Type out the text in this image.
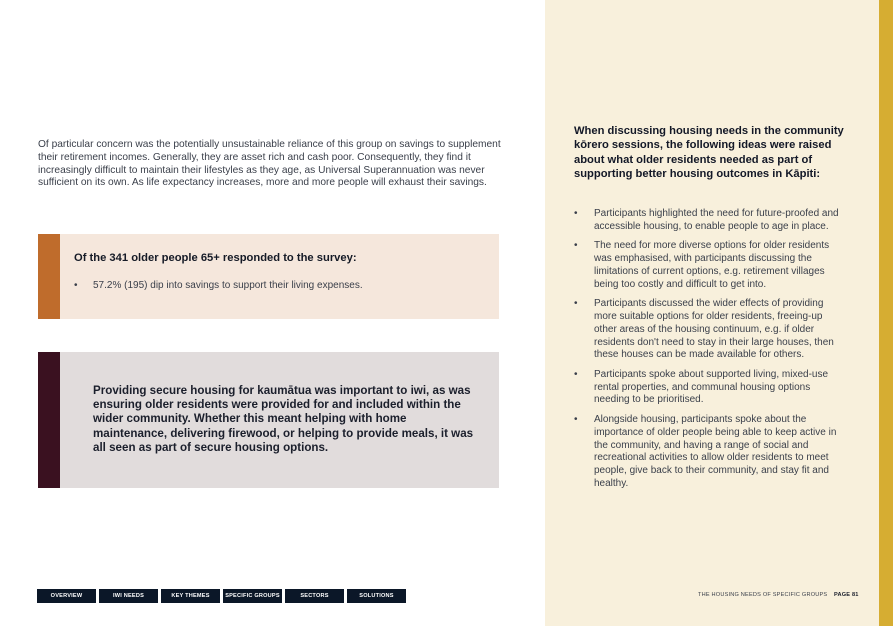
Of particular concern was the potentially unsustainable reliance of this group on savings to supplement their retirement incomes. Generally, they are asset rich and cash poor. Consequently, they find it increasingly difficult to maintain their lifestyles as they age, as Universal Superannuation was never sufficient on its own. As life expectancy increases, more and more people will exhaust their savings.

Of the 341 older people 65+ responded to the survey:

• 57.2% (195) dip into savings to support their living expenses.

Providing secure housing for kaumātua was important to iwi, as was ensuring older residents were provided for and included within the wider community. Whether this meant helping with home maintenance, delivering firewood, or helping to provide meals, it was all seen as part of secure housing options.

When discussing housing needs in the community kōrero sessions, the following ideas were raised about what older residents needed as part of supporting better housing outcomes in Kāpiti:

• Participants highlighted the need for future-proofed and accessible housing, to enable people to age in place.
• The need for more diverse options for older residents was emphasised, with participants discussing the limitations of current options, e.g. retirement villages being too costly and difficult to get into.
• Participants discussed the wider effects of providing more suitable options for older residents, freeing-up other areas of the housing continuum, e.g. if older residents don't need to stay in their large houses, then these houses can be made available for others.
• Participants spoke about supported living, mixed-use rental properties, and communal housing options needing to be prioritised.
• Alongside housing, participants spoke about the importance of older people being able to keep active in the community, and having a range of social and recreational activities to allow older residents to meet people, give back to their community, and stay fit and healthy.
OVERVIEW	IWI NEEDS	KEY THEMES	SPECIFIC GROUPS	SECTORS	SOLUTIONS	THE HOUSING NEEDS OF SPECIFIC GROUPS PAGE 81
